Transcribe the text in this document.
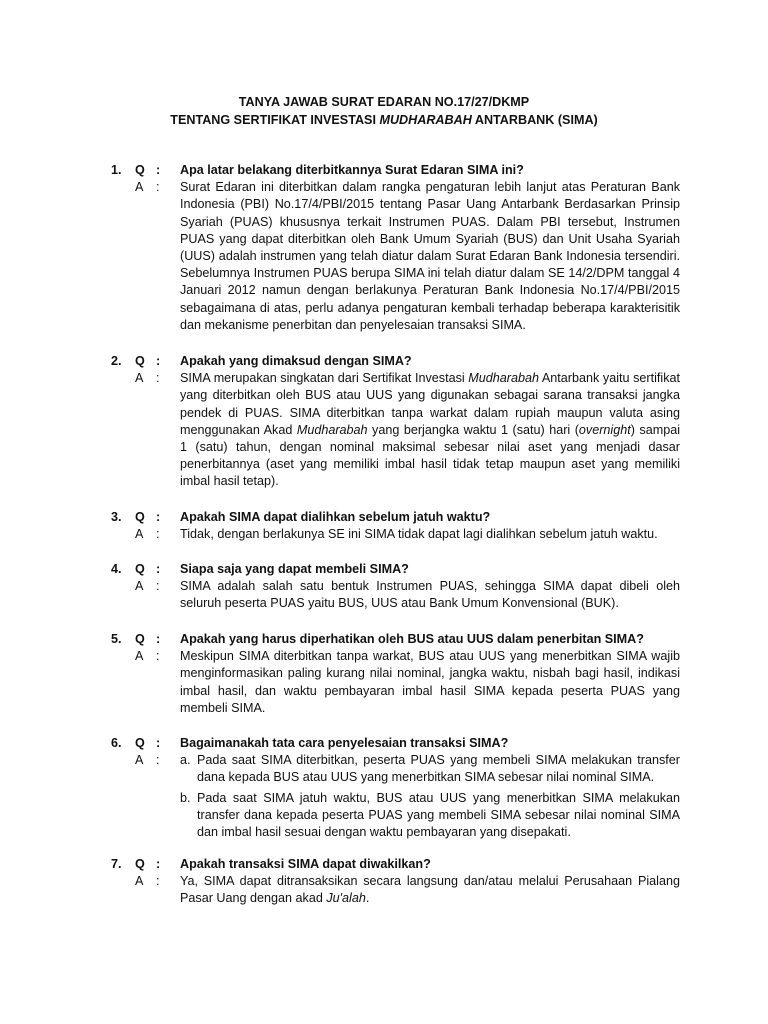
TANYA JAWAB SURAT EDARAN NO.17/27/DKMP
TENTANG SERTIFIKAT INVESTASI MUDHARABAH ANTARBANK (SIMA)
1.	Q :	Apa latar belakang diterbitkannya Surat Edaran SIMA ini?
A :	Surat Edaran ini diterbitkan dalam rangka pengaturan lebih lanjut atas Peraturan Bank Indonesia (PBI) No.17/4/PBI/2015 tentang Pasar Uang Antarbank Berdasarkan Prinsip Syariah (PUAS) khususnya terkait Instrumen PUAS. Dalam PBI tersebut, Instrumen PUAS yang dapat diterbitkan oleh Bank Umum Syariah (BUS) dan Unit Usaha Syariah (UUS) adalah instrumen yang telah diatur dalam Surat Edaran Bank Indonesia tersendiri. Sebelumnya Instrumen PUAS berupa SIMA ini telah diatur dalam SE 14/2/DPM tanggal 4 Januari 2012 namun dengan berlakunya Peraturan Bank Indonesia No.17/4/PBI/2015 sebagaimana di atas, perlu adanya pengaturan kembali terhadap beberapa karakterisitik dan mekanisme penerbitan dan penyelesaian transaksi SIMA.
2.	Q :	Apakah yang dimaksud dengan SIMA?
A :	SIMA merupakan singkatan dari Sertifikat Investasi Mudharabah Antarbank yaitu sertifikat yang diterbitkan oleh BUS atau UUS yang digunakan sebagai sarana transaksi jangka pendek di PUAS. SIMA diterbitkan tanpa warkat dalam rupiah maupun valuta asing menggunakan Akad Mudharabah yang berjangka waktu 1 (satu) hari (overnight) sampai 1 (satu) tahun, dengan nominal maksimal sebesar nilai aset yang menjadi dasar penerbitannya (aset yang memiliki imbal hasil tidak tetap maupun aset yang memiliki imbal hasil tetap).
3.	Q :	Apakah SIMA dapat dialihkan sebelum jatuh waktu?
A :	Tidak, dengan berlakunya SE ini SIMA tidak dapat lagi dialihkan sebelum jatuh waktu.
4.	Q :	Siapa saja yang dapat membeli SIMA?
A :	SIMA adalah salah satu bentuk Instrumen PUAS, sehingga SIMA dapat dibeli oleh seluruh peserta PUAS yaitu BUS, UUS atau Bank Umum Konvensional (BUK).
5.	Q :	Apakah yang harus diperhatikan oleh BUS atau UUS dalam penerbitan SIMA?
A :	Meskipun SIMA diterbitkan tanpa warkat, BUS atau UUS yang menerbitkan SIMA wajib menginformasikan paling kurang nilai nominal, jangka waktu, nisbah bagi hasil, indikasi imbal hasil, dan waktu pembayaran imbal hasil SIMA kepada peserta PUAS yang membeli SIMA.
6.	Q :	Bagaimanakah tata cara penyelesaian transaksi SIMA?
A :	a. Pada saat SIMA diterbitkan, peserta PUAS yang membeli SIMA melakukan transfer dana kepada BUS atau UUS yang menerbitkan SIMA sebesar nilai nominal SIMA.
b. Pada saat SIMA jatuh waktu, BUS atau UUS yang menerbitkan SIMA melakukan transfer dana kepada peserta PUAS yang membeli SIMA sebesar nilai nominal SIMA dan imbal hasil sesuai dengan waktu pembayaran yang disepakati.
7.	Q :	Apakah transaksi SIMA dapat diwakilkan?
A :	Ya, SIMA dapat ditransaksikan secara langsung dan/atau melalui Perusahaan Pialang Pasar Uang dengan akad Ju'alah.
